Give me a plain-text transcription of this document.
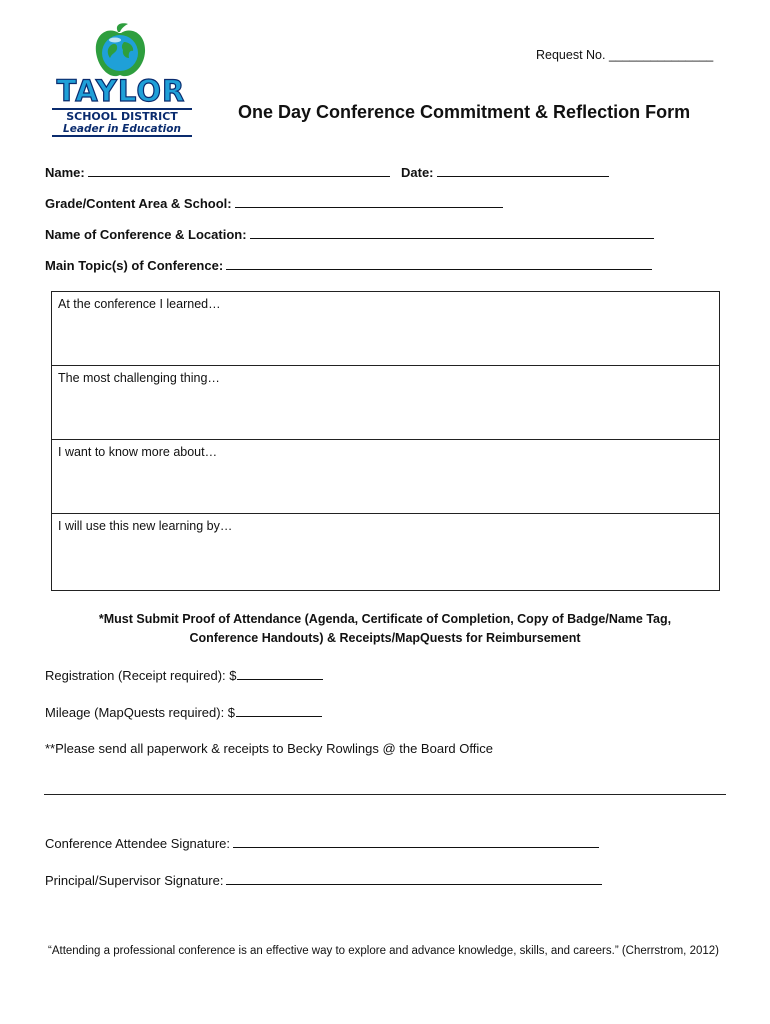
TAYLOR
SCHOOL DISTRICT
Leader in Education
Request No. _______________
One Day Conference Commitment & Reflection Form
Name:	Date:
Grade/Content Area & School:
Name of Conference & Location:
Main Topic(s) of Conference:
At the conference I learned…
The most challenging thing…
I want to know more about…
I will use this new learning by…
*Must Submit Proof of Attendance (Agenda, Certificate of Completion, Copy of Badge/Name Tag,
Conference Handouts) & Receipts/MapQuests for Reimbursement
Registration (Receipt required): $
Mileage (MapQuests required): $
**Please send all paperwork & receipts to Becky Rowlings @ the Board Office
Conference Attendee Signature:
Principal/Supervisor Signature:
“Attending a professional conference is an effective way to explore and advance knowledge, skills, and careers.” (Cherrstrom, 2012)
